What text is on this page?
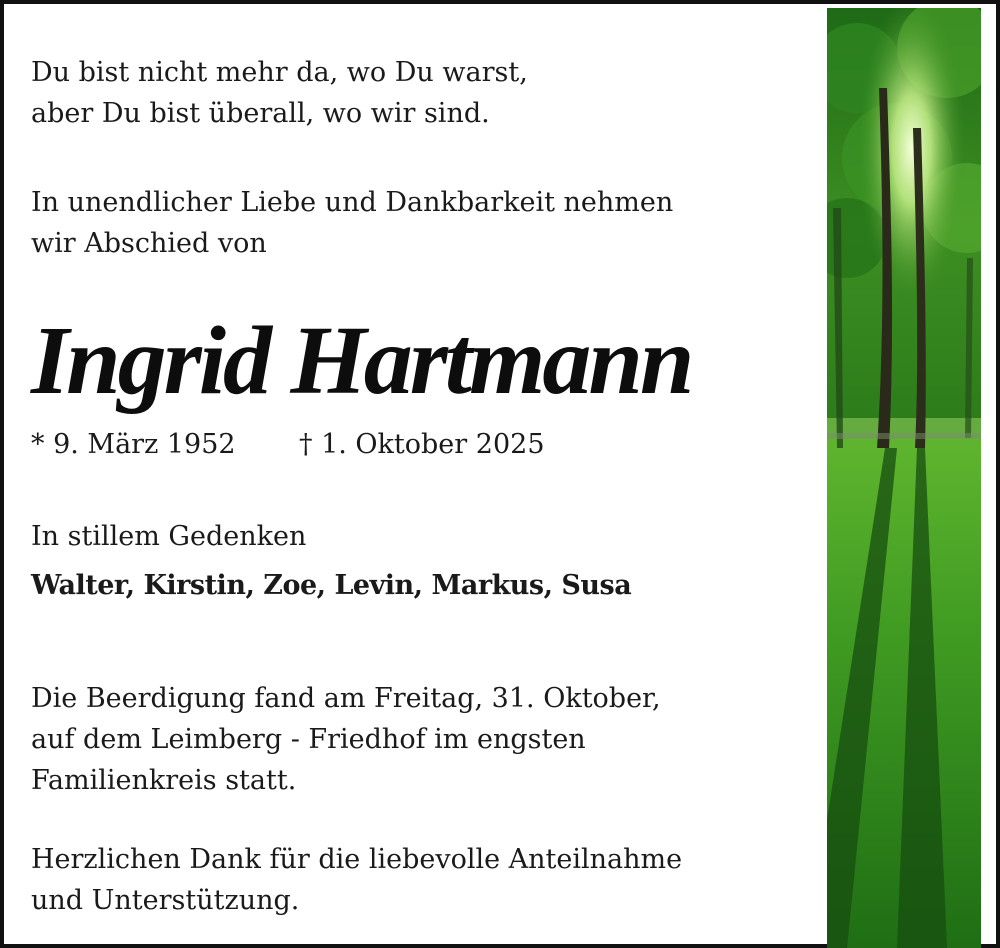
Du bist nicht mehr da, wo Du warst,
aber Du bist überall, wo wir sind.

In unendlicher Liebe und Dankbarkeit nehmen
wir Abschied von

Ingrid Hartmann
* 9. März 1952 † 1. Oktober 2025

In stillem Gedenken

Walter, Kirstin, Zoe, Levin, Markus, Susa

Die Beerdigung fand am Freitag, 31. Oktober,
auf dem Leimberg - Friedhof im engsten
Familienkreis statt.

Herzlichen Dank für die liebevolle Anteilnahme
und Unterstützung.
